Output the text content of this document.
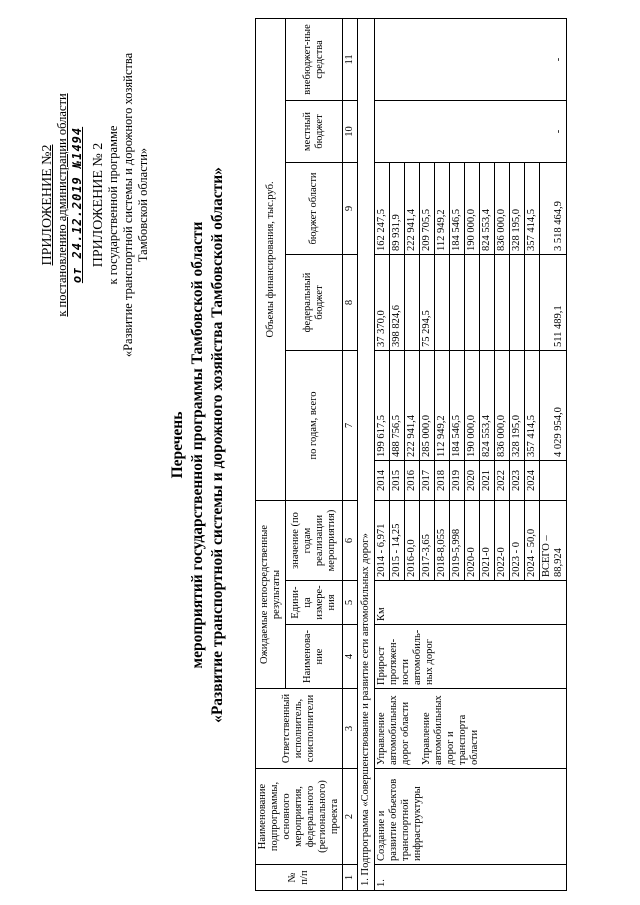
ПРИЛОЖЕНИЕ №2 к постановлению администрации области от 24.12.2019 №1494 ПРИЛОЖЕНИЕ № 2 к государственной программе «Развитие транспортной системы и дорожного хозяйства Тамбовской области»
Перечень мероприятий государственной программы Тамбовской области «Развитие транспортной системы и дорожного хозяйства Тамбовской области»
№ п/п	Наименование подпрограммы, основного мероприятия, федерального (регионального) проекта	Ответственный исполнитель, соисполнители	Ожидаемые непосредственные результаты			Объемы финансирования, тыс.руб.					
			Наименова-ние	Едини-ца измере-ния	значение (по годам реализации мероприятия)	по годам, всего		федеральный бюджет	бюджет области	местный бюджет	внебюджет-ные средства
1	2	3	4	5	6	7		8	9	10	11
1. Подпрограмма «Совершенствование и развитие сети автомобильных дорог»											
1.	Создание и развитие объектов транспортной инфраструктуры	Управление автомобильных дорог области	Прирост протяжен-ности автомобиль-ных дорог	Км	2014 - 6,971	2014	199 617,5	37 370,0	162 247,5	-	-
					2015 - 14,25	2015	488 756,5	398 824,6	89 931,9		
					2016-0,0	2016	222 941,4		222 941,4		
		Управление автомобильных дорог и транспорта области			2017-3,65	2017	285 000,0	75 294,5	209 705,5		
					2018-8,055	2018	112 949,2		112 949,2		
					2019-5,998	2019	184 546,5		184 546,5		
					2020-0	2020	190 000,0		190 000,0		
					2021-0	2021	824 553,4		824 553,4		
					2022-0	2022	836 000,0		836 000,0		
					2023 - 0	2023	328 195,0		328 195,0		
					2024 - 50,0	2024	357 414,5		357 414,5		
					ВСЕГО – 88,924		4 029 954,0	511 489,1	3 518 464,9		
